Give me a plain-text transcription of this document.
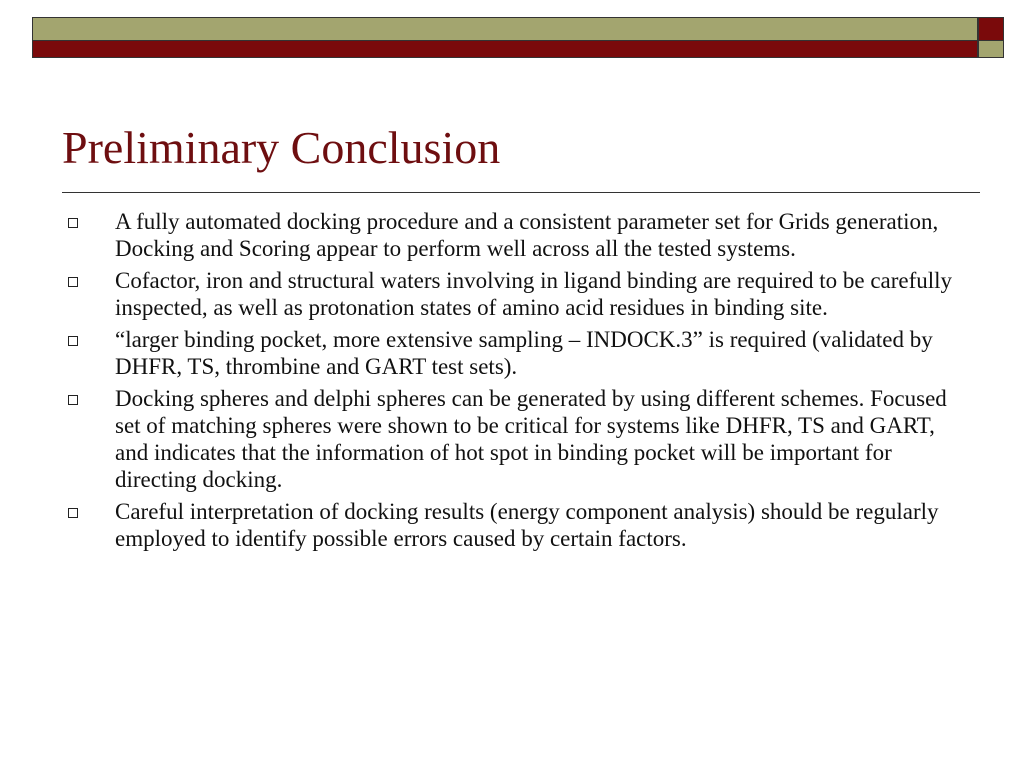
Preliminary Conclusion
A fully automated docking procedure and a consistent parameter set for Grids generation, Docking and Scoring appear to perform well across all the tested systems.
Cofactor, iron and structural waters involving in ligand binding are required to be carefully inspected, as well as protonation states of amino acid residues in binding site.
“larger binding pocket, more extensive sampling – INDOCK.3” is required (validated by DHFR, TS, thrombine and GART test sets).
Docking spheres and delphi spheres can be generated by using different schemes. Focused set of matching spheres were shown to be critical for systems like DHFR, TS and GART, and indicates that the information of hot spot in binding pocket will be important for directing docking.
Careful interpretation of docking results (energy component analysis) should be regularly employed to identify possible errors caused by certain factors.
